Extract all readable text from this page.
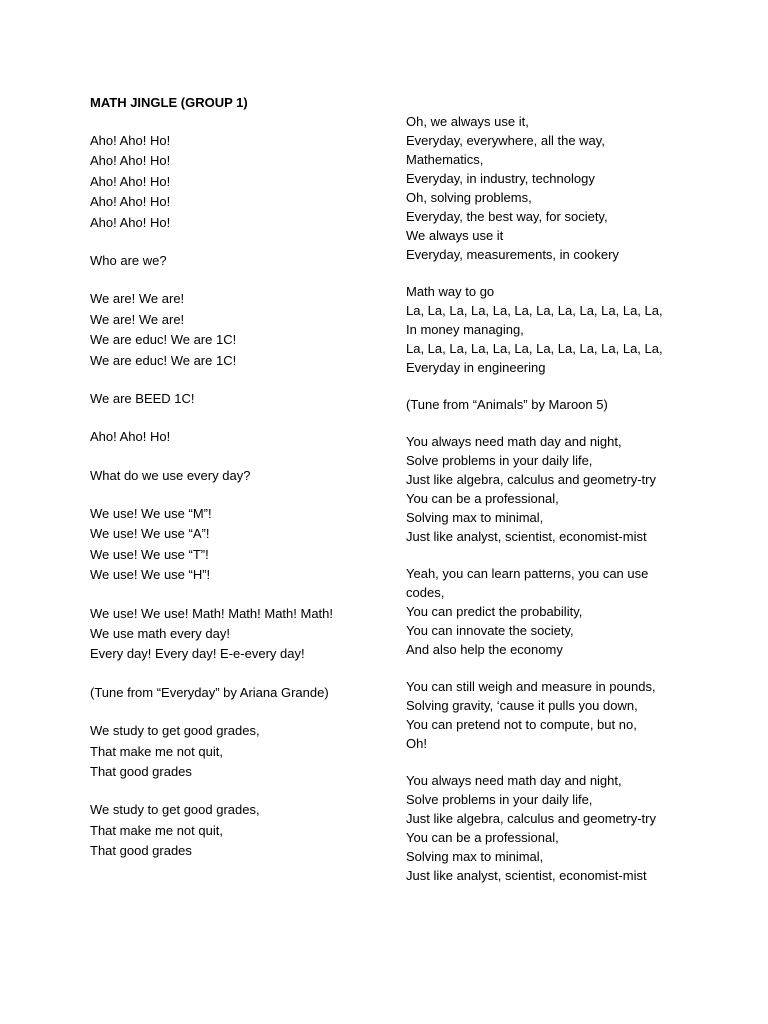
MATH JINGLE (GROUP 1)
Aho! Aho! Ho!
Aho! Aho! Ho!
Aho! Aho! Ho!
Aho! Aho! Ho!
Aho! Aho! Ho!
Who are we?
We are! We are!
We are! We are!
We are educ! We are 1C!
We are educ! We are 1C!
We are BEED 1C!
Aho! Aho! Ho!
What do we use every day?
We use! We use “M”!
We use! We use “A”!
We use! We use “T”!
We use! We use “H”!
We use! We use! Math! Math! Math! Math!
We use math every day!
Every day! Every day! E-e-every day!
(Tune from “Everyday” by Ariana Grande)
We study to get good grades,
That make me not quit,
That good grades
We study to get good grades,
That make me not quit,
That good grades
Oh, we always use it,
Everyday, everywhere, all the way,
Mathematics,
Everyday, in industry, technology
Oh, solving problems,
Everyday, the best way, for society,
We always use it
Everyday, measurements, in cookery
Math way to go
La, La, La, La, La, La, La, La, La, La, La, La,
In money managing,
La, La, La, La, La, La, La, La, La, La, La, La,
Everyday in engineering
(Tune from “Animals” by Maroon 5)
You always need math day and night,
Solve problems in your daily life,
Just like algebra, calculus and geometry-try
You can be a professional,
Solving max to minimal,
Just like analyst, scientist, economist-mist
Yeah, you can learn patterns, you can use
codes,
You can predict the probability,
You can innovate the society,
And also help the economy
You can still weigh and measure in pounds,
Solving gravity, ‘cause it pulls you down,
You can pretend not to compute, but no,
Oh!
You always need math day and night,
Solve problems in your daily life,
Just like algebra, calculus and geometry-try
You can be a professional,
Solving max to minimal,
Just like analyst, scientist, economist-mist
